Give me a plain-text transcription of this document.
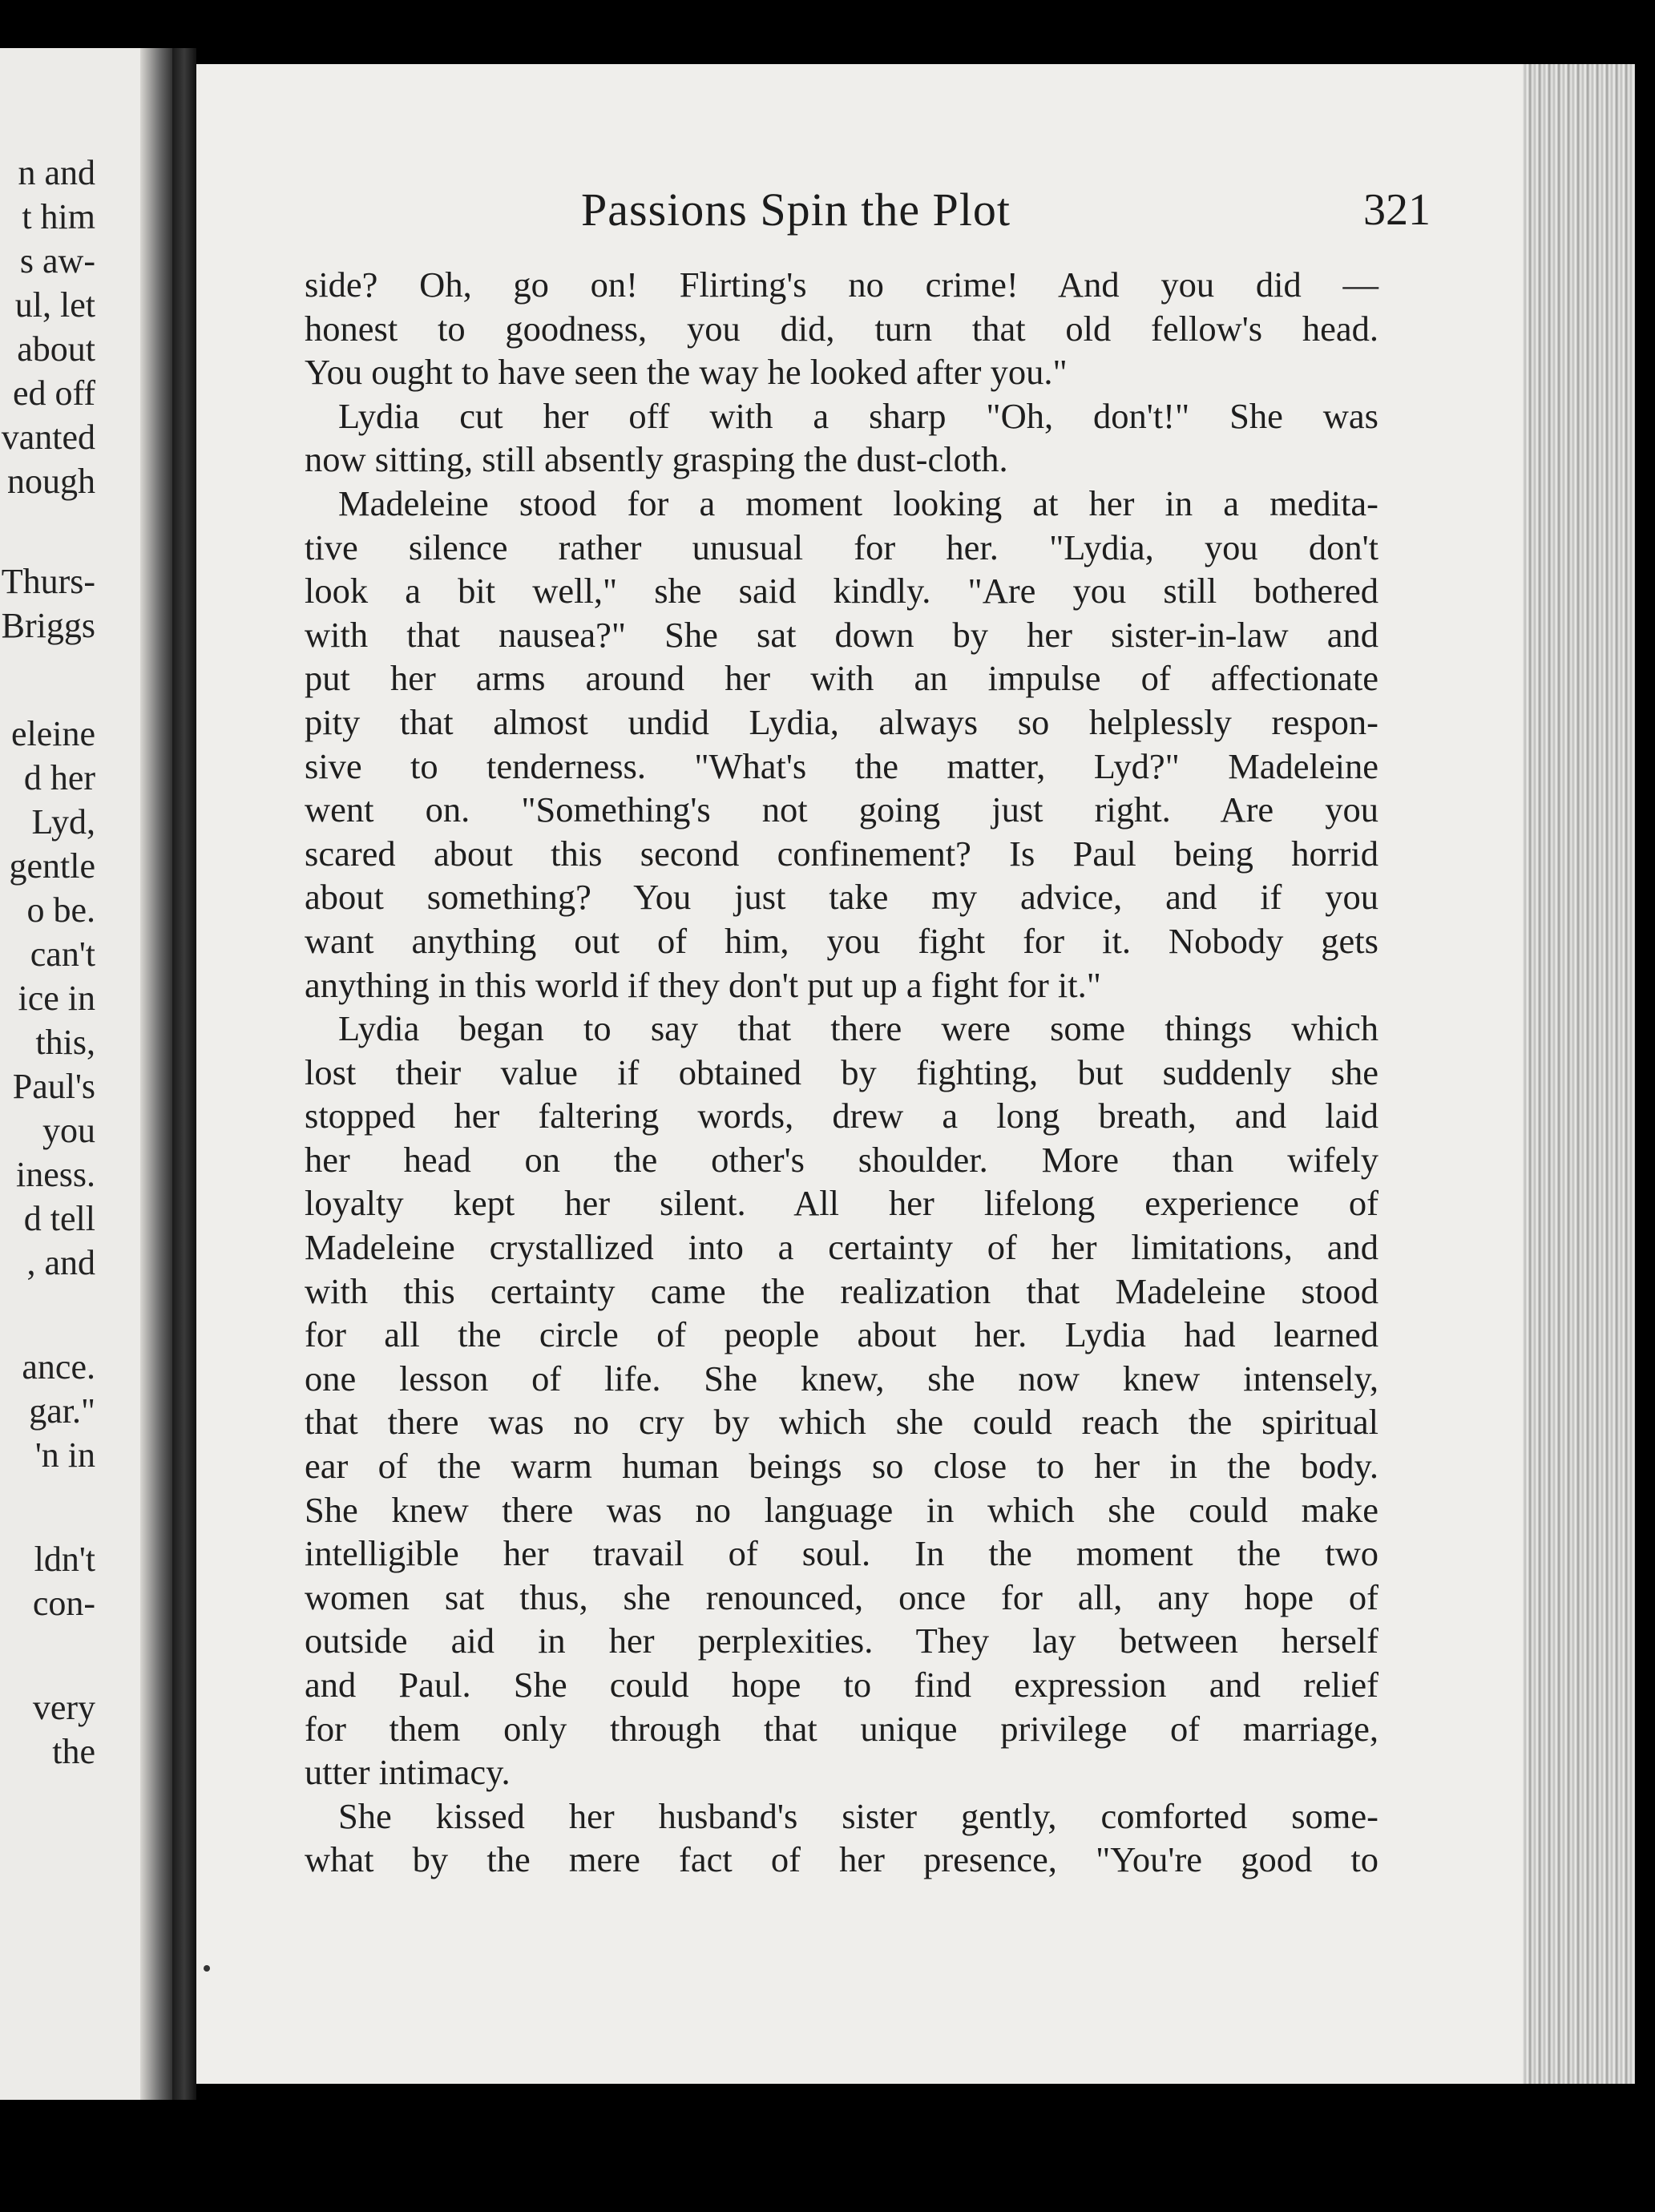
n and
t him
s aw-
ul, let
about
ed off
vanted
nough
Thurs-
Briggs
eleine
d her
Lyd,
gentle
o be.
can't
ice in
this,
Paul's
you
iness.
d tell
, and
ance.
gar."
'n in
ldn't
con-
very
the
Passions Spin the Plot	321
side? Oh, go on! Flirting's no crime! And you did —
honest to goodness, you did, turn that old fellow's head.
You ought to have seen the way he looked after you."
Lydia cut her off with a sharp "Oh, don't!" She was
now sitting, still absently grasping the dust-cloth.
Madeleine stood for a moment looking at her in a medita-
tive silence rather unusual for her. "Lydia, you don't
look a bit well," she said kindly. "Are you still bothered
with that nausea?" She sat down by her sister-in-law and
put her arms around her with an impulse of affectionate
pity that almost undid Lydia, always so helplessly respon-
sive to tenderness. "What's the matter, Lyd?" Madeleine
went on. "Something's not going just right. Are you
scared about this second confinement? Is Paul being horrid
about something? You just take my advice, and if you
want anything out of him, you fight for it. Nobody gets
anything in this world if they don't put up a fight for it."
Lydia began to say that there were some things which
lost their value if obtained by fighting, but suddenly she
stopped her faltering words, drew a long breath, and laid
her head on the other's shoulder. More than wifely
loyalty kept her silent. All her lifelong experience of
Madeleine crystallized into a certainty of her limitations, and
with this certainty came the realization that Madeleine stood
for all the circle of people about her. Lydia had learned
one lesson of life. She knew, she now knew intensely,
that there was no cry by which she could reach the spiritual
ear of the warm human beings so close to her in the body.
She knew there was no language in which she could make
intelligible her travail of soul. In the moment the two
women sat thus, she renounced, once for all, any hope of
outside aid in her perplexities. They lay between herself
and Paul. She could hope to find expression and relief
for them only through that unique privilege of marriage,
utter intimacy.
She kissed her husband's sister gently, comforted some-
what by the mere fact of her presence, "You're good to
